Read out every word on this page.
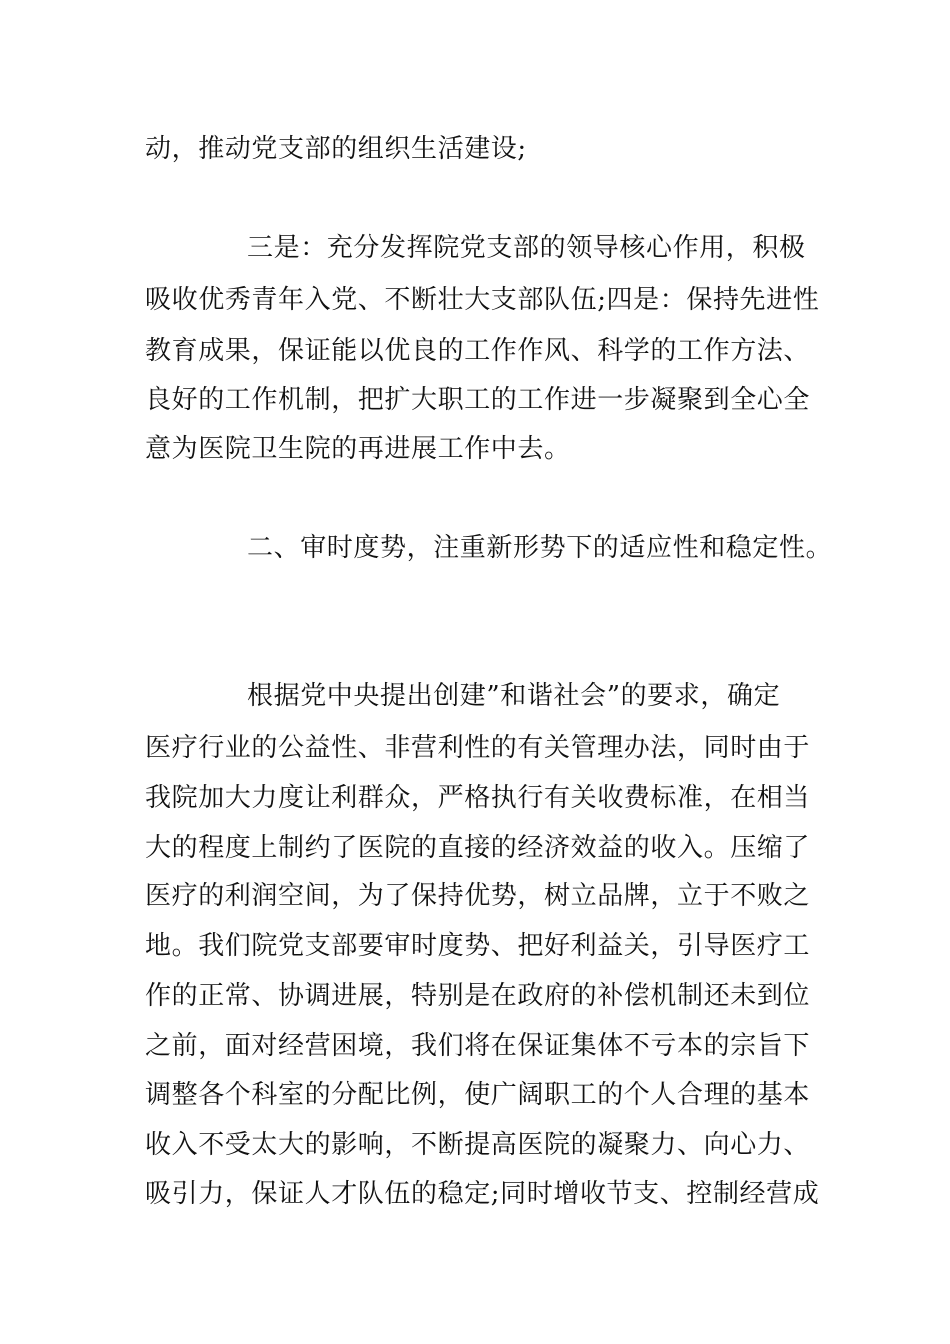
动，推动党支部的组织生活建设;
三是：充分发挥院党支部的领导核心作用，积极
吸收优秀青年入党、不断壮大支部队伍;四是：保持先进性
教育成果，保证能以优良的工作作风、科学的工作方法、
良好的工作机制，把扩大职工的工作进一步凝聚到全心全
意为医院卫生院的再进展工作中去。
二、审时度势，注重新形势下的适应性和稳定性。
根据党中央提出创建”和谐社会”的要求，确定
医疗行业的公益性、非营利性的有关管理办法，同时由于
我院加大力度让利群众，严格执行有关收费标准，在相当
大的程度上制约了医院的直接的经济效益的收入。压缩了
医疗的利润空间，为了保持优势，树立品牌，立于不败之
地。我们院党支部要审时度势、把好利益关，引导医疗工
作的正常、协调进展，特别是在政府的补偿机制还未到位
之前，面对经营困境，我们将在保证集体不亏本的宗旨下
调整各个科室的分配比例，使广阔职工的个人合理的基本
收入不受太大的影响，不断提高医院的凝聚力、向心力、
吸引力，保证人才队伍的稳定;同时增收节支、控制经营成
